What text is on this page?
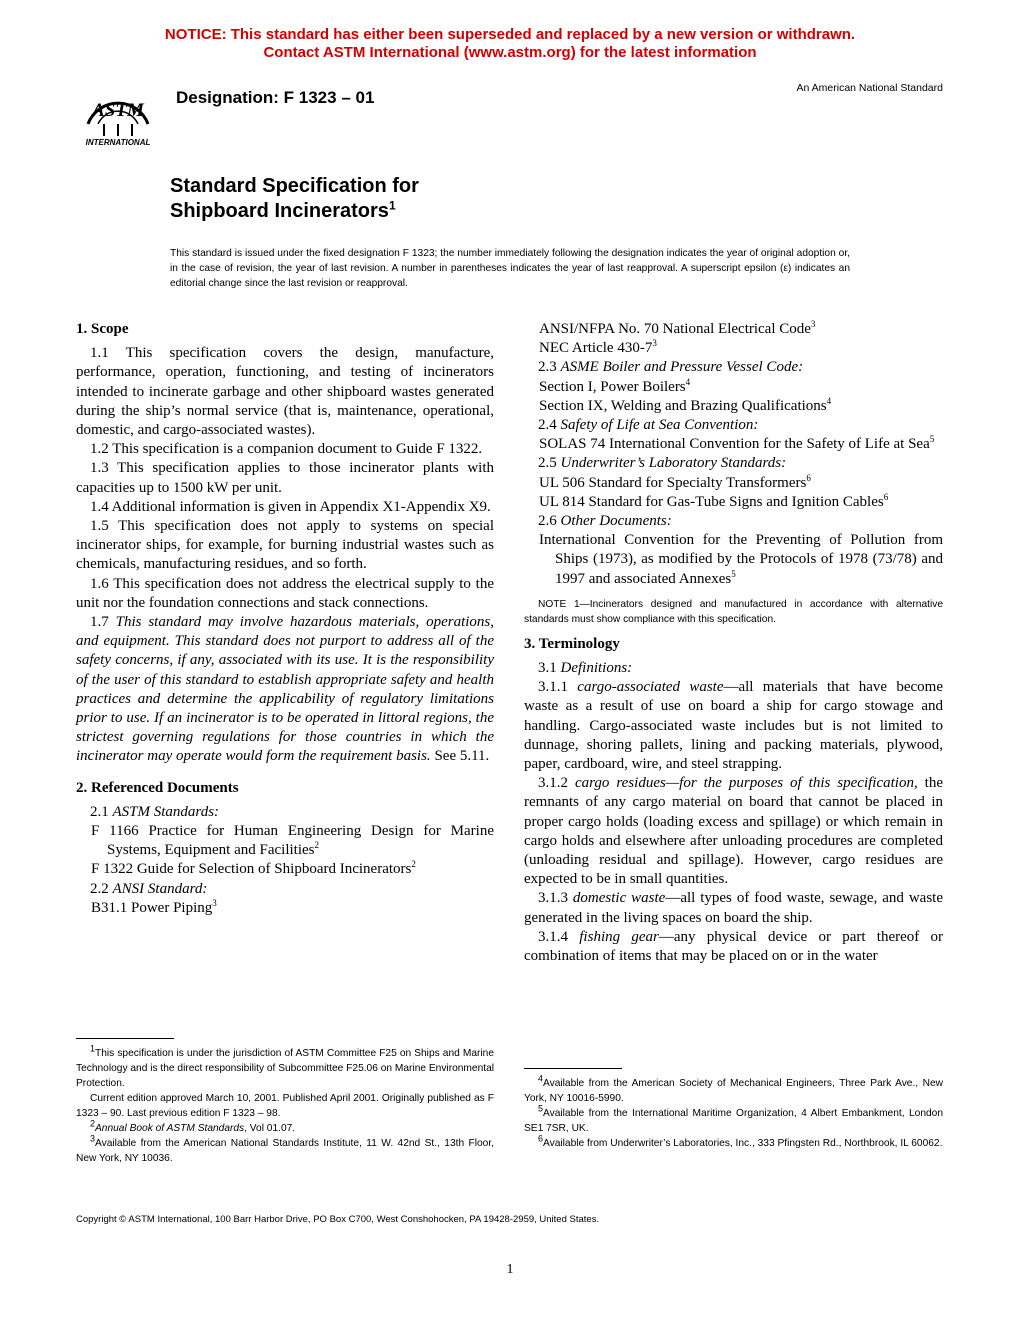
NOTICE: This standard has either been superseded and replaced by a new version or withdrawn.
Contact ASTM International (www.astm.org) for the latest information
ASTM
INTERNATIONAL
Designation: F 1323 – 01	An American National Standard
Standard Specification for
Shipboard Incinerators$^1$
This standard is issued under the fixed designation F 1323; the number immediately following the designation indicates the year of original adoption or, in the case of revision, the year of last revision. A number in parentheses indicates the year of last reapproval. A superscript epsilon (ε) indicates an editorial change since the last revision or reapproval.
1. Scope

1.1 This specification covers the design, manufacture, performance, operation, functioning, and testing of incinerators intended to incinerate garbage and other shipboard wastes generated during the ship’s normal service (that is, maintenance, operational, domestic, and cargo-associated wastes).

1.2 This specification is a companion document to Guide F 1322.

1.3 This specification applies to those incinerator plants with capacities up to 1500 kW per unit.

1.4 Additional information is given in Appendix X1-Appendix X9.

1.5 This specification does not apply to systems on special incinerator ships, for example, for burning industrial wastes such as chemicals, manufacturing residues, and so forth.

1.6 This specification does not address the electrical supply to the unit nor the foundation connections and stack connections.

1.7 This standard may involve hazardous materials, operations, and equipment. This standard does not purport to address all of the safety concerns, if any, associated with its use. It is the responsibility of the user of this standard to establish appropriate safety and health practices and determine the applicability of regulatory limitations prior to use. If an incinerator is to be operated in littoral regions, the strictest governing regulations for those countries in which the incinerator may operate would form the requirement basis. See 5.11.

2. Referenced Documents

2.1 ASTM Standards:

F 1166 Practice for Human Engineering Design for Marine Systems, Equipment and Facilities$^2$
F 1322 Guide for Selection of Shipboard Incinerators$^2$

2.2 ANSI Standard:

B31.1 Power Piping$^3$
ANSI/NFPA No. 70 National Electrical Code$^3$
NEC Article $430-7^3$

2.3 ASME Boiler and Pressure Vessel Code:

Section I, Power Boilers$^4$
Section IX, Welding and Brazing Qualifications$^4$

2.4 Safety of Life at Sea Convention:

SOLAS 74 International Convention for the Safety of Life at Sea$^5$

2.5 Underwriter’s Laboratory Standards:

UL 506 Standard for Specialty Transformers$^6$
UL 814 Standard for Gas-Tube Signs and Ignition Cables$^6$

2.6 Other Documents:

International Convention for the Preventing of Pollution from Ships (1973), as modified by the Protocols of 1978 (73/78) and 1997 and associated Annexes$^5$
NOTE 1—Incinerators designed and manufactured in accordance with alternative standards must show compliance with this specification.
3. Terminology

3.1 Definitions:

3.1.1 cargo-associated waste—all materials that have become waste as a result of use on board a ship for cargo stowage and handling. Cargo-associated waste includes but is not limited to dunnage, shoring pallets, lining and packing materials, plywood, paper, cardboard, wire, and steel strapping.

3.1.2 cargo residues—for the purposes of this specification, the remnants of any cargo material on board that cannot be placed in proper cargo holds (loading excess and spillage) or which remain in cargo holds and elsewhere after unloading procedures are completed (unloading residual and spillage). However, cargo residues are expected to be in small quantities.

3.1.3 domestic waste—all types of food waste, sewage, and waste generated in the living spaces on board the ship.

3.1.4 fishing gear—any physical device or part thereof or combination of items that may be placed on or in the water

$^1$This specification is under the jurisdiction of ASTM Committee F25 on Ships and Marine Technology and is the direct responsibility of Subcommittee F25.06 on Marine Environmental Protection.

Current edition approved March 10, 2001. Published April 2001. Originally published as F 1323 – 90. Last previous edition F 1323 – 98.

$^2$Annual Book of ASTM Standards, Vol 01.07.

$^3$Available from the American National Standards Institute, 11 W. 42nd St., 13th Floor, New York, NY 10036.

$^4$Available from the American Society of Mechanical Engineers, Three Park Ave., New York, NY 10016-5990.

$^5$Available from the International Maritime Organization, 4 Albert Embankment, London SE1 7SR, UK.

$^6$Available from Underwriter’s Laboratories, Inc., 333 Pfingsten Rd., Northbrook, IL 60062.

Copyright © ASTM International, 100 Barr Harbor Drive, PO Box C700, West Conshohocken, PA 19428-2959, United States.
1
